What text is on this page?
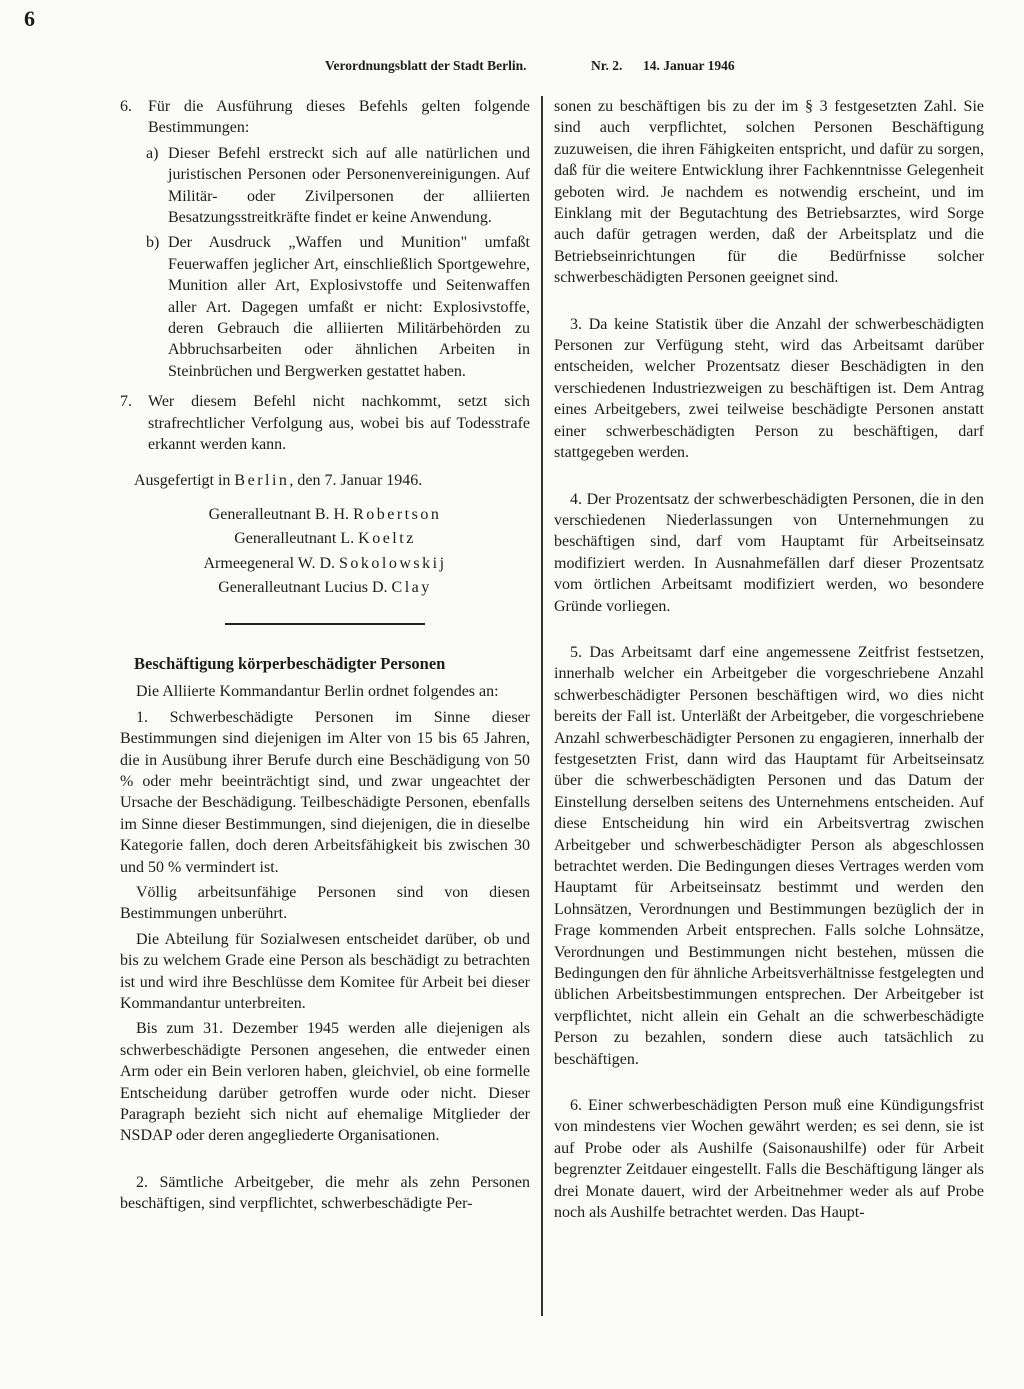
6
Verordnungsblatt der Stadt Berlin.	Nr. 2. 14. Januar 1946
6.	Für die Ausführung dieses Befehls gelten folgende Bestimmungen:

a) Dieser Befehl erstreckt sich auf alle natürlichen und juristischen Personen oder Personenvereinigungen. Auf Militär- oder Zivilpersonen der alliierten Besatzungsstreitkräfte findet er keine Anwendung.

b) Der Ausdruck „Waffen und Munition" umfaßt Feuerwaffen jeglicher Art, einschließlich Sportgewehre, Munition aller Art, Explosivstoffe und Seitenwaffen aller Art. Dagegen umfaßt er nicht: Explosivstoffe, deren Gebrauch die alliierten Militärbehörden zu Abbruchsarbeiten oder ähnlichen Arbeiten in Steinbrüchen und Bergwerken gestattet haben.

7.	Wer diesem Befehl nicht nachkommt, setzt sich strafrechtlicher Verfolgung aus, wobei bis auf Todesstrafe erkannt werden kann.

Ausgefertigt in Berlin, den 7. Januar 1946.

Generalleutnant B. H. Robertson
Generalleutnant L. Koeltz
Armeegeneral W. D. Sokolowskij
Generalleutnant Lucius D. Clay
Beschäftigung körperbeschädigter Personen

Die Alliierte Kommandantur Berlin ordnet folgendes an:

1. Schwerbeschädigte Personen im Sinne dieser Bestimmungen sind diejenigen im Alter von 15 bis 65 Jahren, die in Ausübung ihrer Berufe durch eine Beschädigung von 50 % oder mehr beeinträchtigt sind, und zwar ungeachtet der Ursache der Beschädigung. Teilbeschädigte Personen, ebenfalls im Sinne dieser Bestimmungen, sind diejenigen, die in dieselbe Kategorie fallen, doch deren Arbeitsfähigkeit bis zwischen 30 und 50 % vermindert ist.

Völlig arbeitsunfähige Personen sind von diesen Bestimmungen unberührt.

Die Abteilung für Sozialwesen entscheidet darüber, ob und bis zu welchem Grade eine Person als beschädigt zu betrachten ist und wird ihre Beschlüsse dem Komitee für Arbeit bei dieser Kommandantur unterbreiten.

Bis zum 31. Dezember 1945 werden alle diejenigen als schwerbeschädigte Personen angesehen, die entweder einen Arm oder ein Bein verloren haben, gleichviel, ob eine formelle Entscheidung darüber getroffen wurde oder nicht. Dieser Paragraph bezieht sich nicht auf ehemalige Mitglieder der NSDAP oder deren angegliederte Organisationen.

2. Sämtliche Arbeitgeber, die mehr als zehn Personen beschäftigen, sind verpflichtet, schwerbeschädigte Per-

sonen zu beschäftigen bis zu der im § 3 festgesetzten Zahl. Sie sind auch verpflichtet, solchen Personen Beschäftigung zuzuweisen, die ihren Fähigkeiten entspricht, und dafür zu sorgen, daß für die weitere Entwicklung ihrer Fachkenntnisse Gelegenheit geboten wird. Je nachdem es notwendig erscheint, und im Einklang mit der Begutachtung des Betriebsarztes, wird Sorge auch dafür getragen werden, daß der Arbeitsplatz und die Betriebseinrichtungen für die Bedürfnisse solcher schwerbeschädigten Personen geeignet sind.

3. Da keine Statistik über die Anzahl der schwerbeschädigten Personen zur Verfügung steht, wird das Arbeitsamt darüber entscheiden, welcher Prozentsatz dieser Beschädigten in den verschiedenen Industriezweigen zu beschäftigen ist. Dem Antrag eines Arbeitgebers, zwei teilweise beschädigte Personen anstatt einer schwerbeschädigten Person zu beschäftigen, darf stattgegeben werden.

4. Der Prozentsatz der schwerbeschädigten Personen, die in den verschiedenen Niederlassungen von Unternehmungen zu beschäftigen sind, darf vom Hauptamt für Arbeitseinsatz modifiziert werden. In Ausnahmefällen darf dieser Prozentsatz vom örtlichen Arbeitsamt modifiziert werden, wo besondere Gründe vorliegen.

5. Das Arbeitsamt darf eine angemessene Zeitfrist festsetzen, innerhalb welcher ein Arbeitgeber die vorgeschriebene Anzahl schwerbeschädigter Personen beschäftigen wird, wo dies nicht bereits der Fall ist. Unterläßt der Arbeitgeber, die vorgeschriebene Anzahl schwerbeschädigter Personen zu engagieren, innerhalb der festgesetzten Frist, dann wird das Hauptamt für Arbeitseinsatz über die schwerbeschädigten Personen und das Datum der Einstellung derselben seitens des Unternehmens entscheiden. Auf diese Entscheidung hin wird ein Arbeitsvertrag zwischen Arbeitgeber und schwerbeschädigter Person als abgeschlossen betrachtet werden. Die Bedingungen dieses Vertrages werden vom Hauptamt für Arbeitseinsatz bestimmt und werden den Lohnsätzen, Verordnungen und Bestimmungen bezüglich der in Frage kommenden Arbeit entsprechen. Falls solche Lohnsätze, Verordnungen und Bestimmungen nicht bestehen, müssen die Bedingungen den für ähnliche Arbeitsverhältnisse festgelegten und üblichen Arbeitsbestimmungen entsprechen. Der Arbeitgeber ist verpflichtet, nicht allein ein Gehalt an die schwerbeschädigte Person zu bezahlen, sondern diese auch tatsächlich zu beschäftigen.

6. Einer schwerbeschädigten Person muß eine Kündigungsfrist von mindestens vier Wochen gewährt werden; es sei denn, sie ist auf Probe oder als Aushilfe (Saisonaushilfe) oder für Arbeit begrenzter Zeitdauer eingestellt. Falls die Beschäftigung länger als drei Monate dauert, wird der Arbeitnehmer weder als auf Probe noch als Aushilfe betrachtet werden. Das Haupt-
